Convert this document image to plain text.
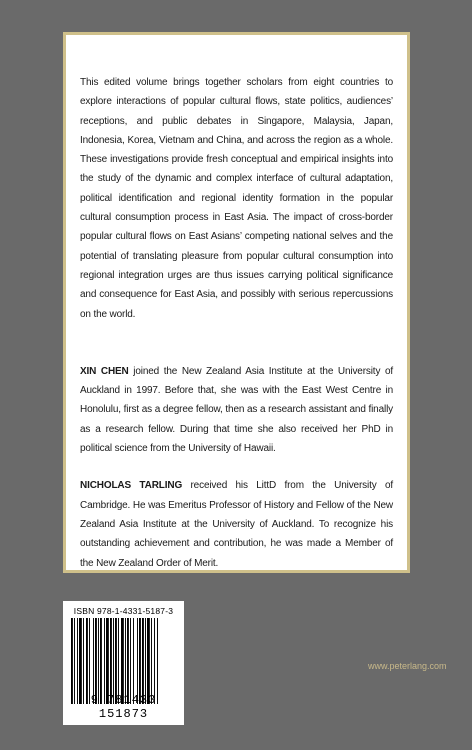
This edited volume brings together scholars from eight countries to explore interactions of popular cultural flows, state politics, audiences’ receptions, and public debates in Singapore, Malaysia, Japan, Indonesia, Korea, Vietnam and China, and across the region as a whole. These investigations provide fresh conceptual and empirical insights into the study of the dynamic and complex interface of cultural adaptation, political identification and regional identity formation in the popular cultural consumption process in East Asia. The impact of cross-border popular cultural flows on East Asians’ competing national selves and the potential of translating pleasure from popular cultural consumption into regional integration urges are thus issues carrying political significance and consequence for East Asia, and possibly with serious repercussions on the world.

XIN CHEN joined the New Zealand Asia Institute at the University of Auckland in 1997. Before that, she was with the East West Centre in Honolulu, first as a degree fellow, then as a research assistant and finally as a research fellow. During that time she also received her PhD in political science from the University of Hawaii.

NICHOLAS TARLING received his LittD from the University of Cambridge. He was Emeritus Professor of History and Fellow of the New Zealand Asia Institute at the University of Auckland. To recognize his outstanding achievement and contribution, he was made a Member of the New Zealand Order of Merit.

ISBN 978-1-4331-5187-3
9 781433 151873
www.peterlang.com
